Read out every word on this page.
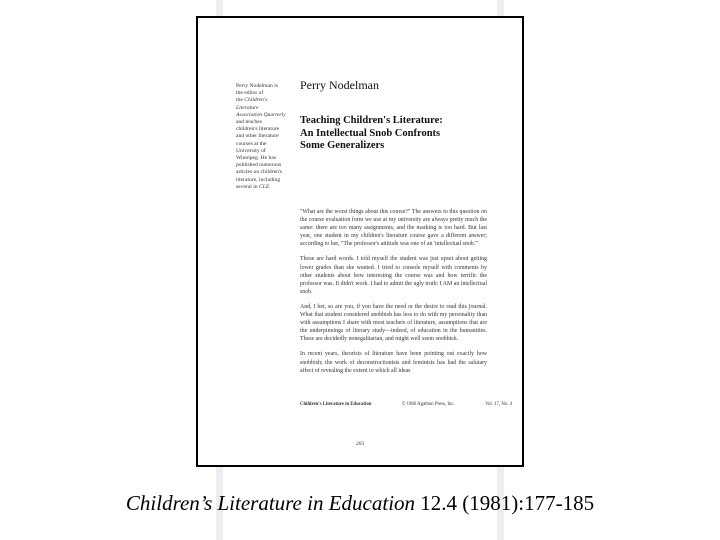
Perry Nodelman is

the editor of

the Children's

Literature

Association Quarterly

and teaches

children's literature

and other literature

courses at the

University of

Winnipeg. He has

published numerous

articles on children's

literature, including

several in CLE.

Perry Nodelman
Teaching Children's Literature:
An Intellectual Snob Confronts
Some Generalizers

"What are the worst things about this course?" The answers to this question on the course evaluation form we use at my university are always pretty much the same: there are too many assignments, and the marking is too hard. But last year, one student in my children's literature course gave a different answer; according to her, "The professor's attitude was one of an 'intellectual snob.'"

Those are hard words. I told myself the student was just upset about getting lower grades than she wanted. I tried to console myself with comments by other students about how interesting the course was and how terrific the professor was. It didn't work. I had to admit the ugly truth: I AM an intellectual snob.

And, I bet, so are you, if you have the need or the desire to read this journal. What that student considered snobbish has less to do with my personality than with assumptions I share with most teachers of literature, assumptions that are the underpinnings of literary study—indeed, of education in the humanities. These are decidedly nonegalitarian, and might well seem snobbish.

In recent years, theorists of literature have been pointing out exactly how snobbish; the work of deconstructionists and feminists has had the salutary affect of revealing the extent to which all ideas

Children's Literature in Education	© 1986 Agathon Press, Inc.	Vol. 17, No. 4
203
Children’s Literature in Education 12.4 (1981):177-185
